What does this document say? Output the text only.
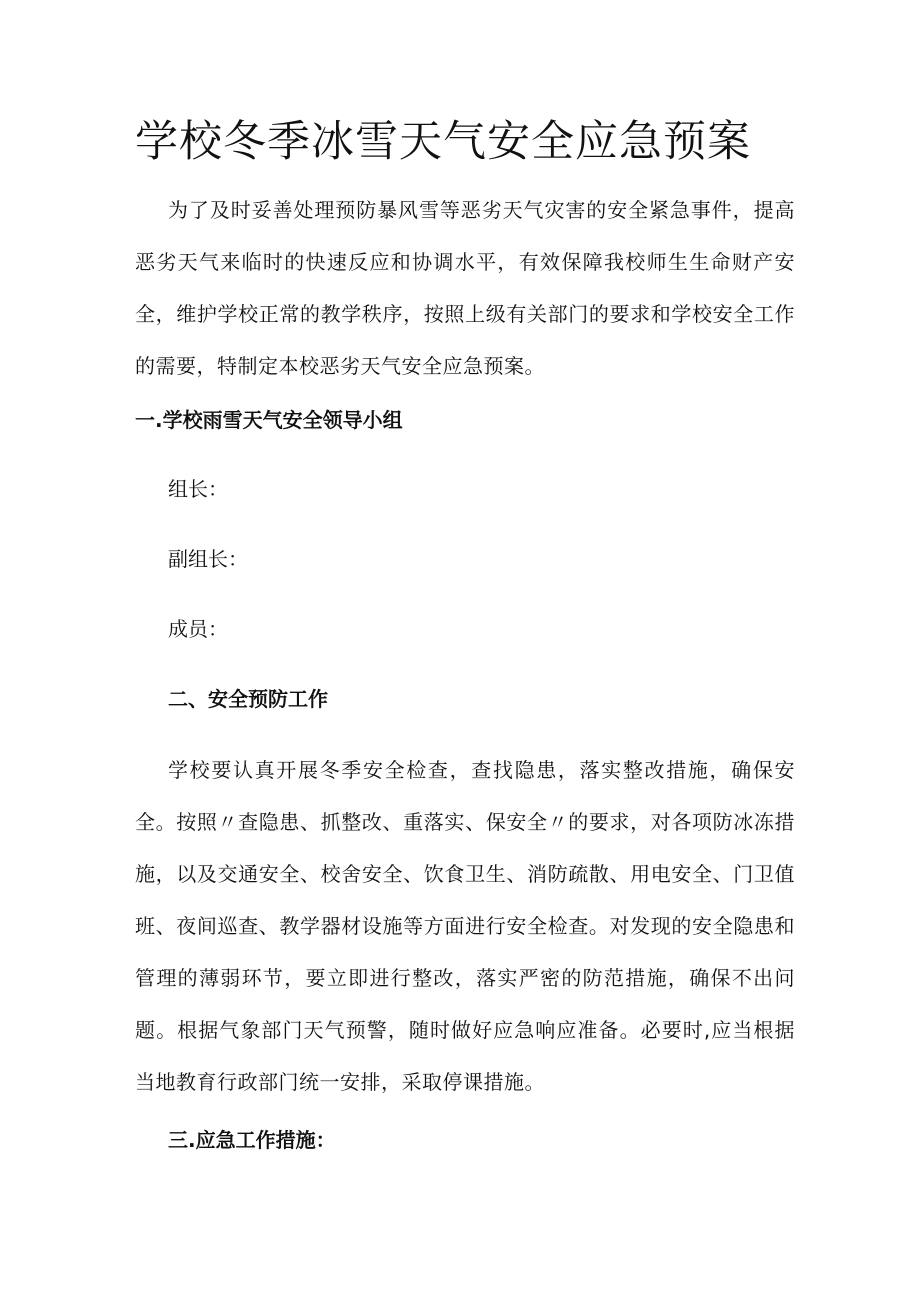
学校冬季冰雪天气安全应急预案

为了及时妥善处理预防暴风雪等恶劣天气灾害的安全紧急事件，提高恶劣天气来临时的快速反应和协调水平，有效保障我校师生生命财产安全，维护学校正常的教学秩序，按照上级有关部门的要求和学校安全工作的需要，特制定本校恶劣天气安全应急预案。

一.学校雨雪天气安全领导小组

组长：

副组长：

成员：

二、安全预防工作

学校要认真开展冬季安全检查，查找隐患，落实整改措施，确保安全。按照〃查隐患、抓整改、重落实、保安全〃的要求，对各项防冰冻措施，以及交通安全、校舍安全、饮食卫生、消防疏散、用电安全、门卫值班、夜间巡查、教学器材设施等方面进行安全检查。对发现的安全隐患和管理的薄弱环节，要立即进行整改，落实严密的防范措施，确保不出问题。根据气象部门天气预警，随时做好应急响应准备。必要时,应当根据当地教育行政部门统一安排，采取停课措施。

三.应急工作措施：
